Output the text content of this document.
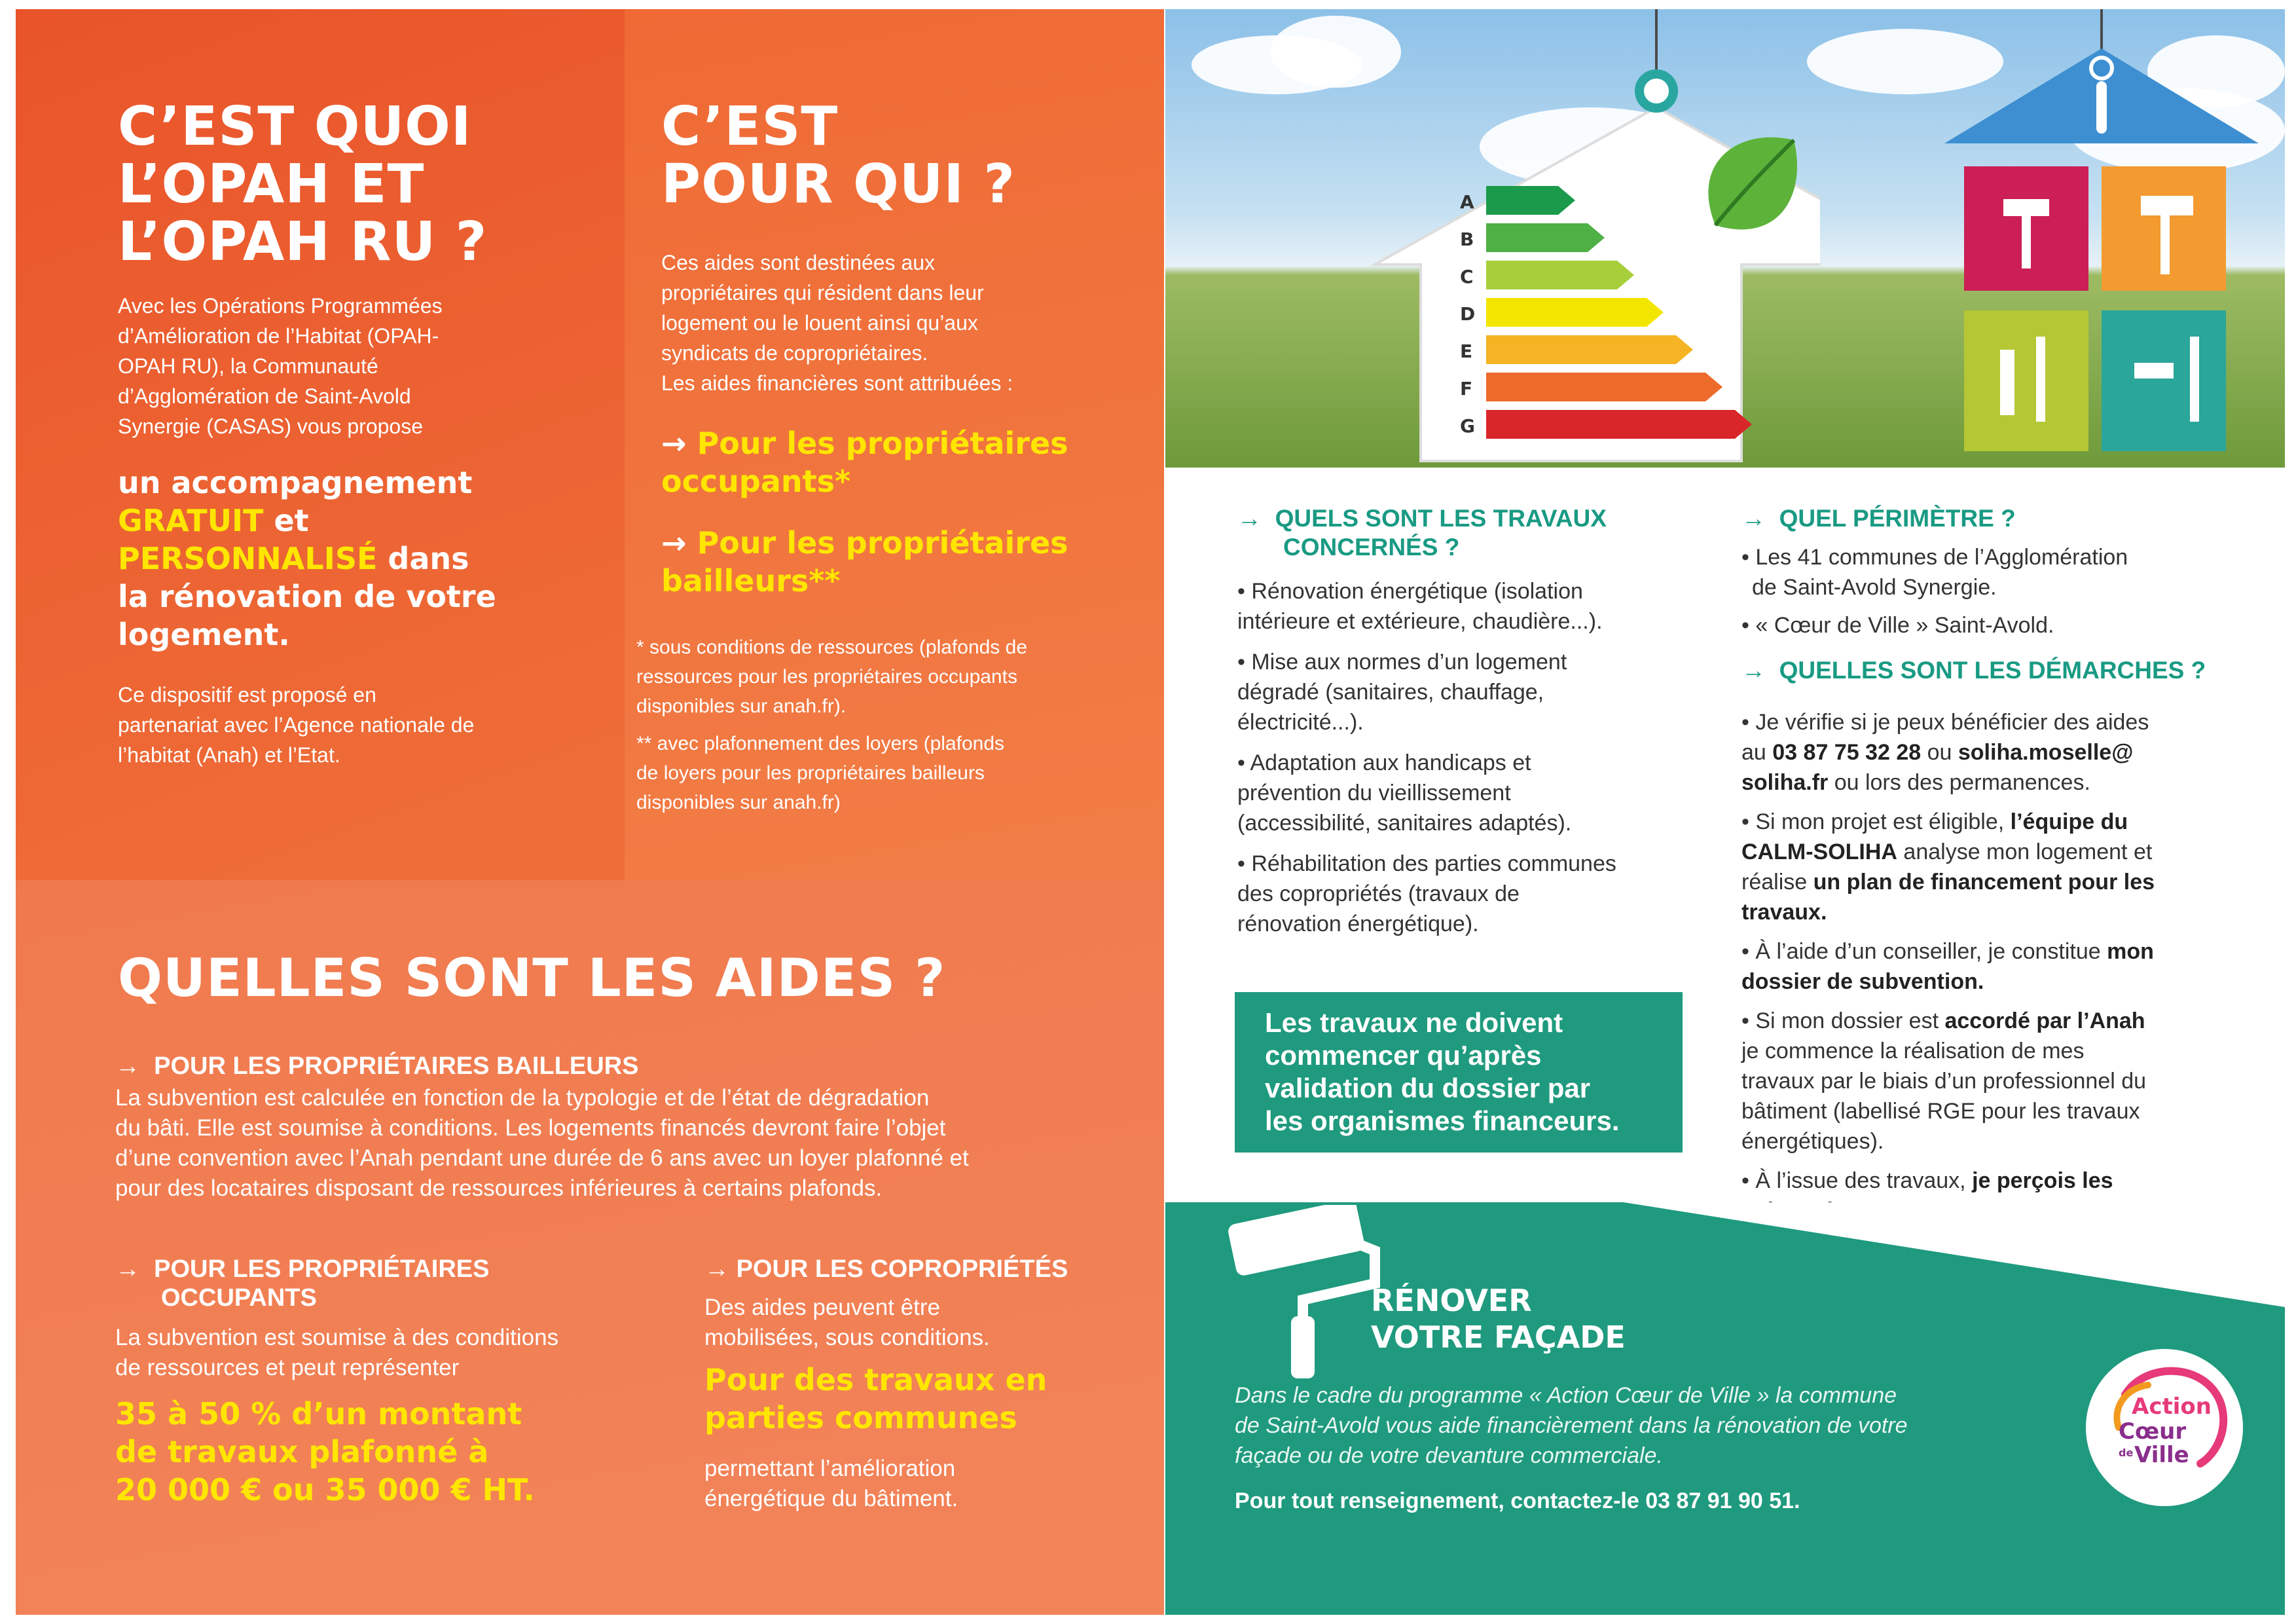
C’EST QUOI
L’OPAH ET
L’OPAH RU ?
Avec les Opérations Programmées
d’Amélioration de l’Habitat (OPAH-
OPAH RU), la Communauté
d’Agglomération de Saint-Avold
Synergie (CASAS) vous propose
un accompagnement
GRATUIT et
PERSONNALISÉ dans
la rénovation de votre
logement.
Ce dispositif est proposé en
partenariat avec l’Agence nationale de
l’habitat (Anah) et l’Etat.
C’EST
POUR QUI ?
Ces aides sont destinées aux
propriétaires qui résident dans leur
logement ou le louent ainsi qu’aux
syndicats de copropriétaires.
Les aides financières sont attribuées :
→ Pour les propriétaires
occupants*
→ Pour les propriétaires
bailleurs**
* sous conditions de ressources (plafonds de
ressources pour les propriétaires occupants
disponibles sur anah.fr).
** avec plafonnement des loyers (plafonds
de loyers pour les propriétaires bailleurs
disponibles sur anah.fr)
QUELLES SONT LES AIDES ?
→ POUR LES PROPRIÉTAIRES BAILLEURS
La subvention est calculée en fonction de la typologie et de l’état de dégradation
du bâti. Elle est soumise à conditions. Les logements financés devront faire l’objet
d’une convention avec l’Anah pendant une durée de 6 ans avec un loyer plafonné et
pour des locataires disposant de ressources inférieures à certains plafonds.
→ POUR LES PROPRIÉTAIRES
OCCUPANTS
La subvention est soumise à des conditions
de ressources et peut représenter
35 à 50 % d’un montant
de travaux plafonné à
20 000 € ou 35 000 € HT.
→ POUR LES COPROPRIÉTÉS
Des aides peuvent être
mobilisées, sous conditions.
Pour des travaux en
parties communes
permettant l’amélioration
énergétique du bâtiment.
A
B
C
D
E
F
G
→ QUELS SONT LES TRAVAUX
CONCERNÉS ?
• Rénovation énergétique (isolation
intérieure et extérieure, chaudière...).
• Mise aux normes d’un logement
dégradé (sanitaires, chauffage,
électricité...).
• Adaptation aux handicaps et
prévention du vieillissement
(accessibilité, sanitaires adaptés).
• Réhabilitation des parties communes
des copropriétés (travaux de
rénovation énergétique).
Les travaux ne doivent
commencer qu’après
validation du dossier par
les organismes financeurs.
→ QUEL PÉRIMÈTRE ?
• Les 41 communes de l’Agglomération
de Saint-Avold Synergie.
• « Cœur de Ville » Saint-Avold.
→ QUELLES SONT LES DÉMARCHES ?
• Je vérifie si je peux bénéficier des aides
au 03 87 75 32 28 ou soliha.moselle@
soliha.fr ou lors des permanences.
• Si mon projet est éligible, l’équipe du
CALM-SOLIHA analyse mon logement et
réalise un plan de financement pour les
travaux.
• À l’aide d’un conseiller, je constitue mon
dossier de subvention.
• Si mon dossier est accordé par l’Anah
je commence la réalisation de mes
travaux par le biais d’un professionnel du
bâtiment (labellisé RGE pour les travaux
énergétiques).
• À l’issue des travaux, je perçois les
RÉNOVER
VOTRE FAÇADE
Dans le cadre du programme « Action Cœur de Ville » la commune
de Saint-Avold vous aide financièrement dans la rénovation de votre
façade ou de votre devanture commerciale.
Pour tout renseignement, contactez-le 03 87 91 90 51.
Action
Cœur
de Ville
